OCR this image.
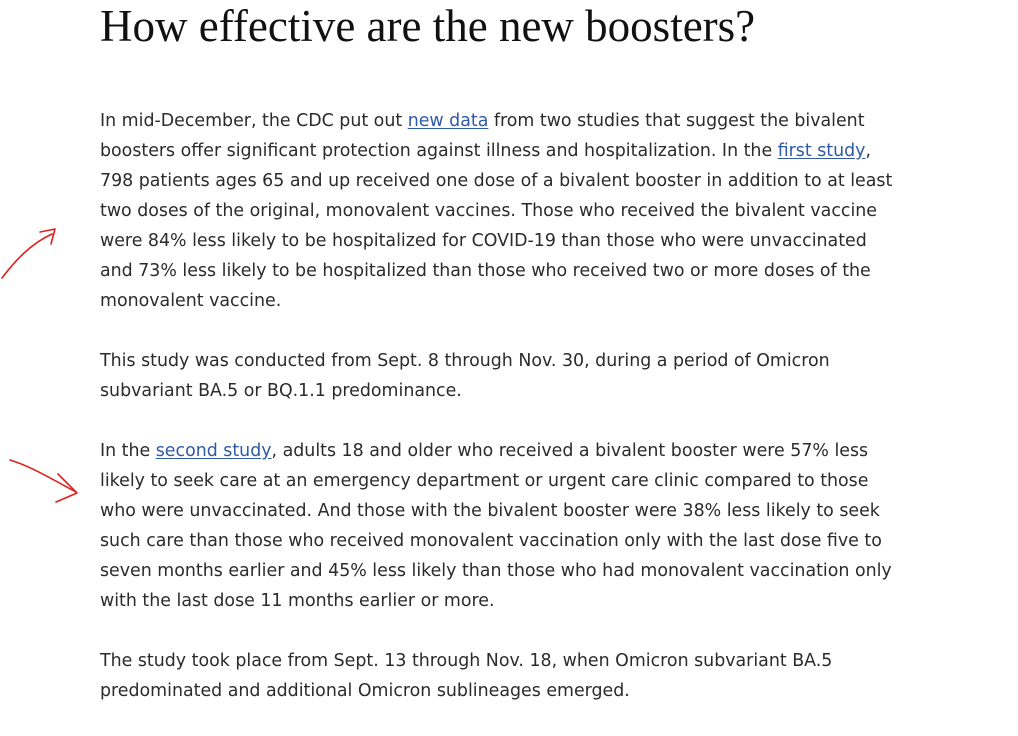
How effective are the new boosters?

In mid-December, the CDC put out new data from two studies that suggest the bivalent
boosters offer significant protection against illness and hospitalization. In the first study,
798 patients ages 65 and up received one dose of a bivalent booster in addition to at least
two doses of the original, monovalent vaccines. Those who received the bivalent vaccine
were 84% less likely to be hospitalized for COVID-19 than those who were unvaccinated
and 73% less likely to be hospitalized than those who received two or more doses of the
monovalent vaccine.

This study was conducted from Sept. 8 through Nov. 30, during a period of Omicron
subvariant BA.5 or BQ.1.1 predominance.

In the second study, adults 18 and older who received a bivalent booster were 57% less
likely to seek care at an emergency department or urgent care clinic compared to those
who were unvaccinated. And those with the bivalent booster were 38% less likely to seek
such care than those who received monovalent vaccination only with the last dose five to
seven months earlier and 45% less likely than those who had monovalent vaccination only
with the last dose 11 months earlier or more.

The study took place from Sept. 13 through Nov. 18, when Omicron subvariant BA.5
predominated and additional Omicron sublineages emerged.
